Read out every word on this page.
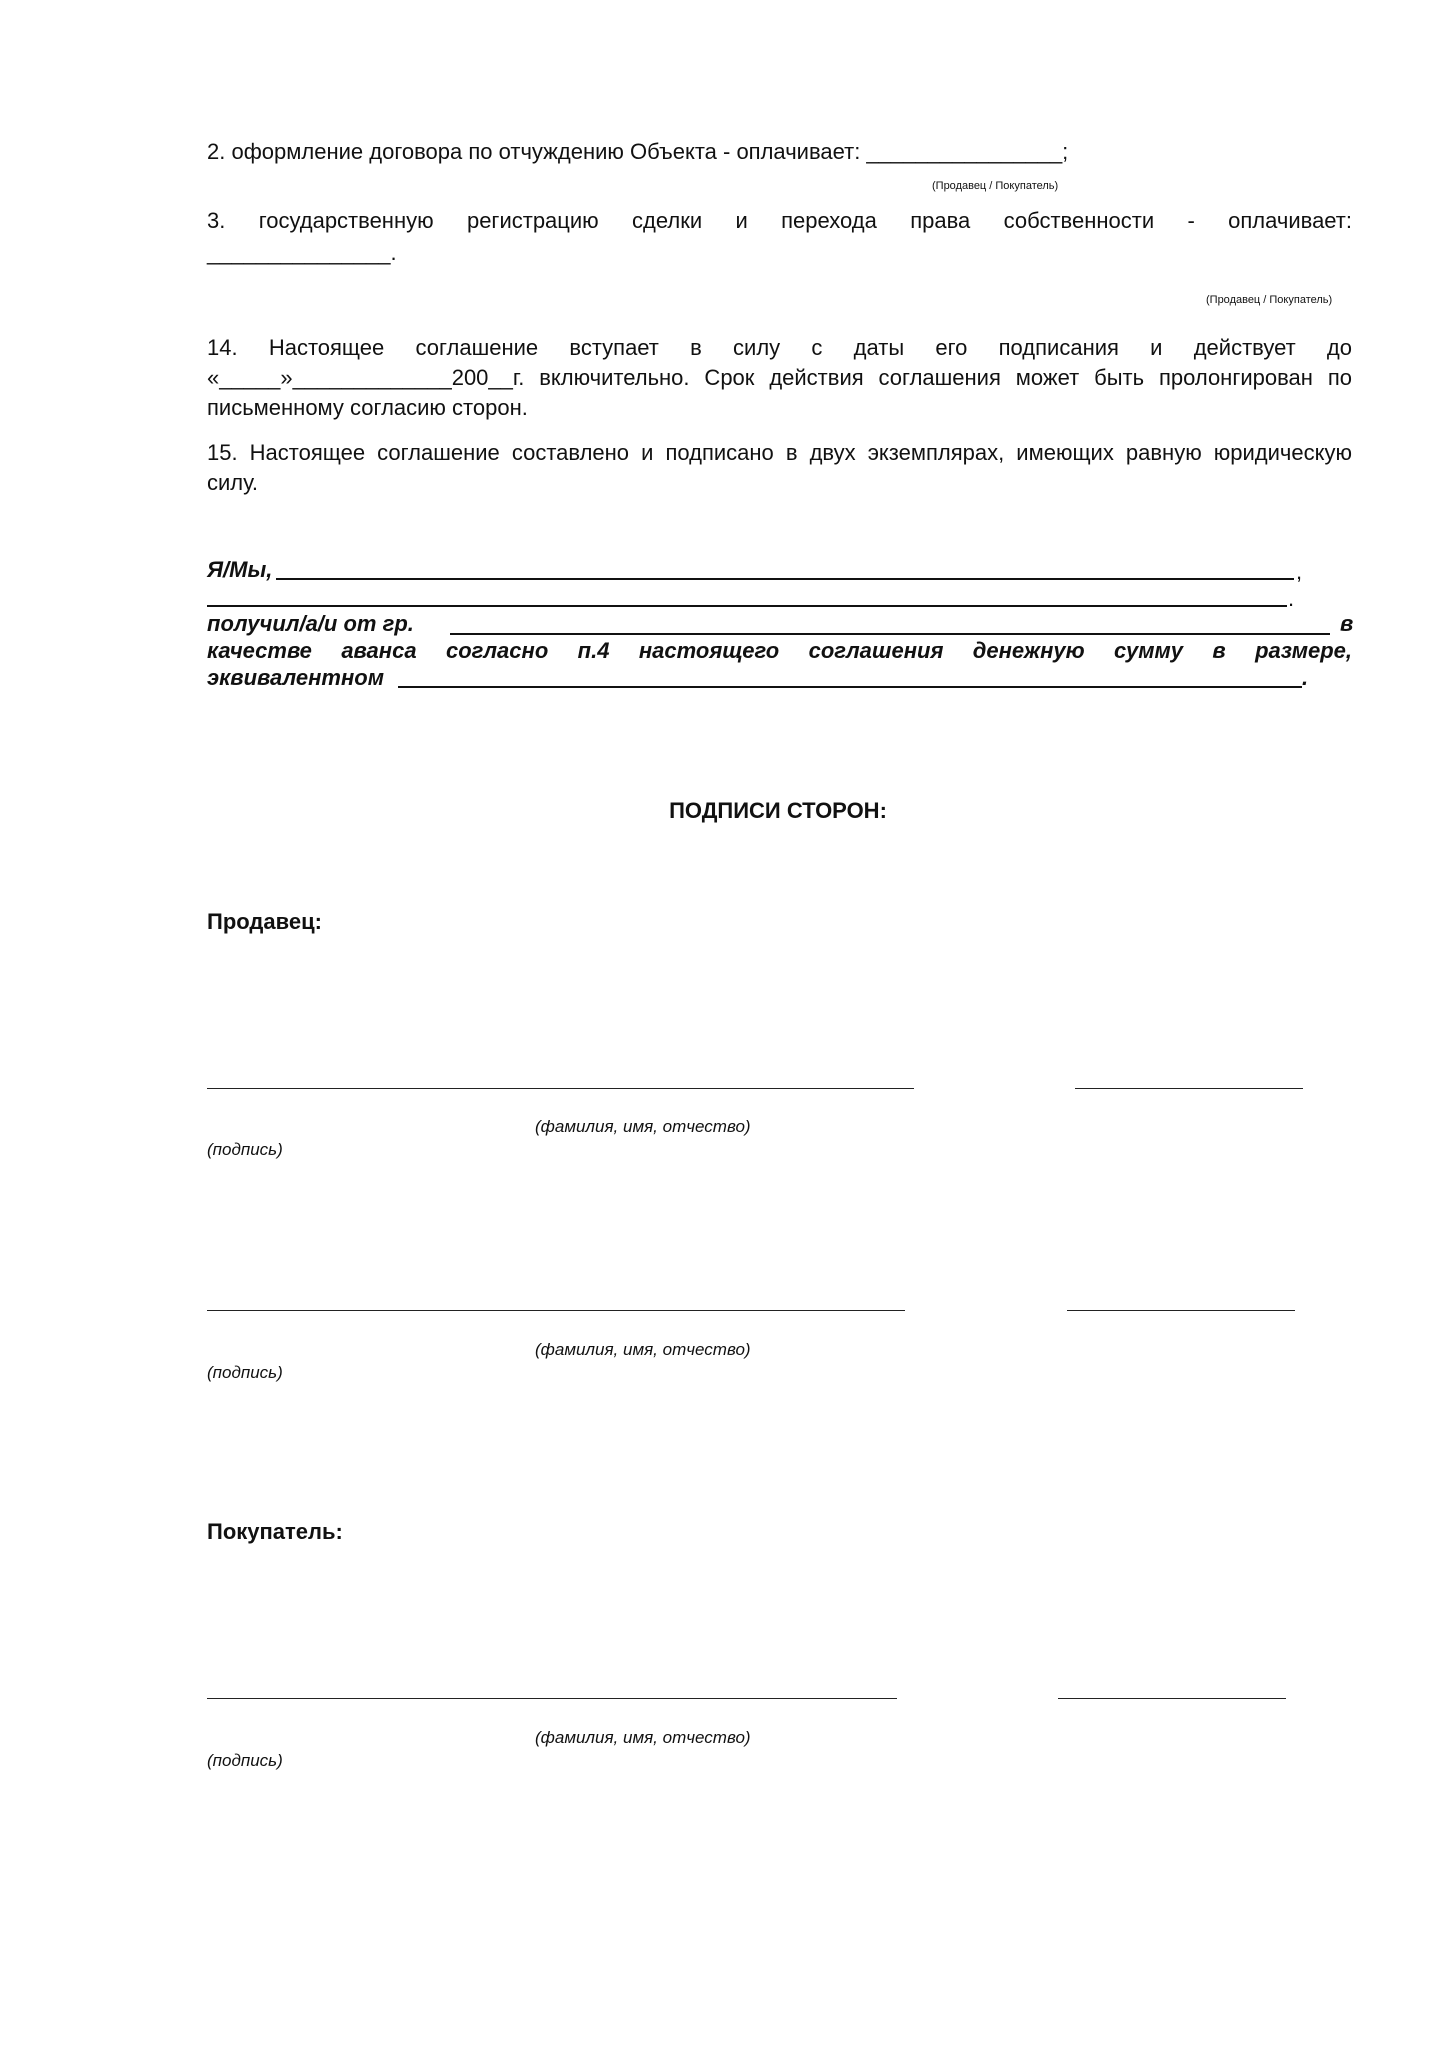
2. оформление договора по отчуждению Объекта - оплачивает: ________________;
(Продавец / Покупатель)
3. государственную регистрацию сделки и перехода права собственности - оплачивает:
_______________.
(Продавец / Покупатель)
14. Настоящее соглашение вступает в силу с даты его подписания и действует до
«_____»_____________200__г. включительно. Срок действия соглашения может быть пролонгирован по
письменному согласию сторон.
15. Настоящее соглашение составлено и подписано в двух экземплярах, имеющих равную юридическую
силу.
Я/Мы,	,
.
получил/а/и от гр.	в
качестве аванса согласно п.4 настоящего соглашения денежную сумму в размере,
эквивалентном	.
ПОДПИСИ СТОРОН:
Продавец:
(фамилия, имя, отчество)
(подпись)
(фамилия, имя, отчество)
(подпись)
Покупатель:
(фамилия, имя, отчество)
(подпись)
